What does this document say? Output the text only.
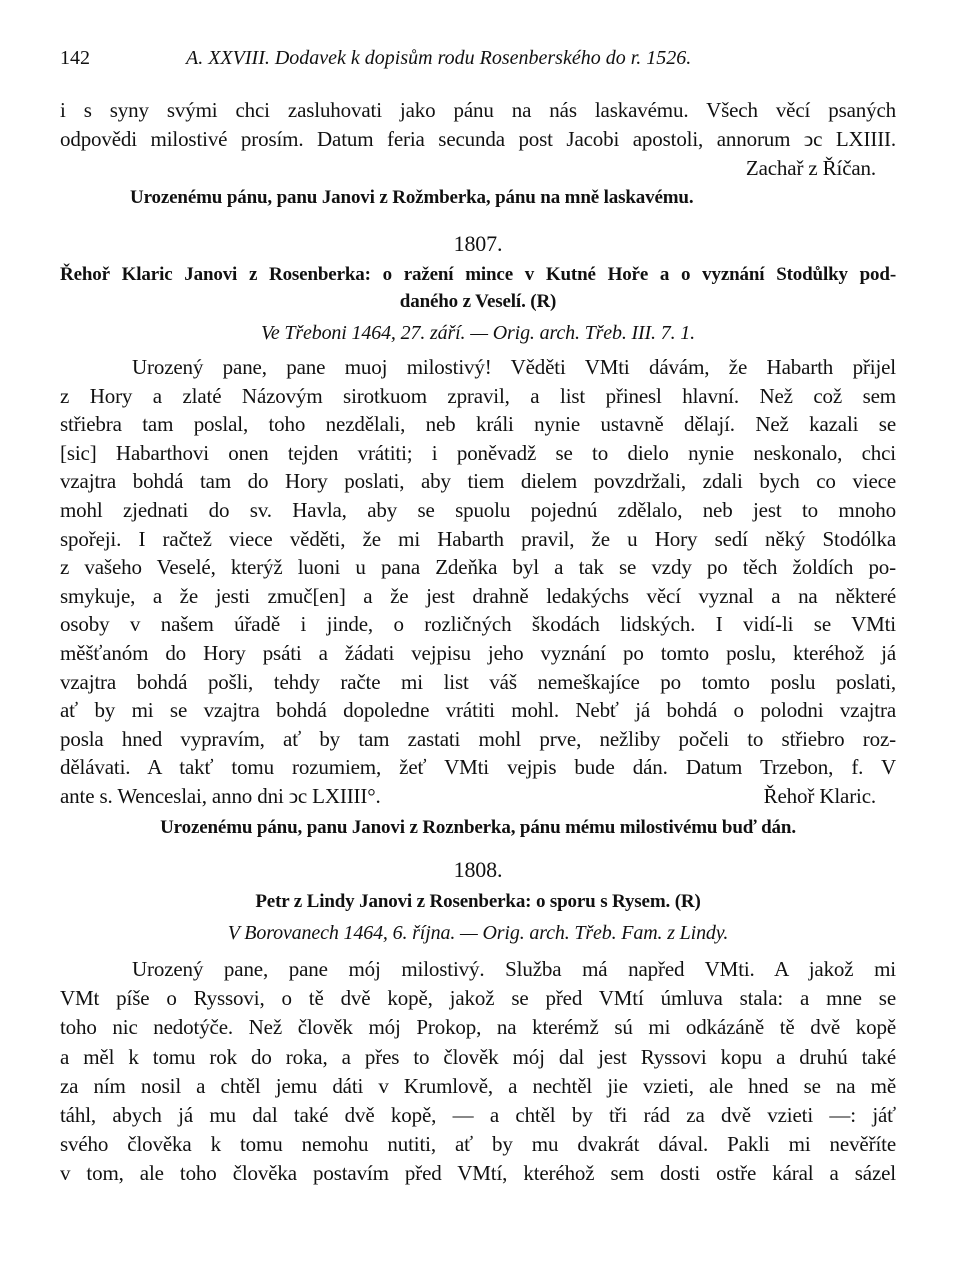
142	A. XXVIII. Dodavek k dopisům rodu Rosenberského do r. 1526.
i s syny svými chci zasluhovati jako pánu na nás laskavému. Všech věcí psaných
odpovědi milostivé prosím. Datum feria secunda post Jacobi apostoli, annorum ↄc LXIIII.
Zachař z Říčan.
Urozenému pánu, panu Janovi z Rožmberka, pánu na mně laskavému.
1807.
Řehoř Klaric Janovi z Rosenberka: o ražení mince v Kutné Hoře a o vyznání Stodůlky pod-
daného z Veselí. (R)
Ve Třeboni 1464, 27. září. — Orig. arch. Třeb. III. 7. 1.
Urozený pane, pane muoj milostivý! Věděti VMti dávám, že Habarth přijel
z Hory a zlaté Názovým sirotkuom zpravil, a list přinesl hlavní. Než což sem
střiebra tam poslal, toho nezdělali, neb králi nynie ustavně dělají. Než kazali se
[sic] Habarthovi onen tejden vrátiti; i poněvadž se to dielo nynie neskonalo, chci
vzajtra bohdá tam do Hory poslati, aby tiem dielem povzdržali, zdali bych co viece
mohl zjednati do sv. Havla, aby se spuolu pojednú zdělalo, neb jest to mnoho
spořeji. I račtež viece věděti, že mi Habarth pravil, že u Hory sedí něký Stodólka
z vašeho Veselé, kterýž luoni u pana Zdeňka byl a tak se vzdy po těch žoldích po-
smykuje, a že jesti zmuč[en] a že jest drahně ledakýchs věcí vyznal a na některé
osoby v našem úřadě i jinde, o rozličných škodách lidských. I vidí-li se VMti
měšťanóm do Hory psáti a žádati vejpisu jeho vyznání po tomto poslu, kteréhož já
vzajtra bohdá pošli, tehdy račte mi list váš nemeškajíce po tomto poslu poslati,
ať by mi se vzajtra bohdá dopoledne vrátiti mohl. Nebť já bohdá o polodni vzajtra
posla hned vypravím, ať by tam zastati mohl prve, nežliby počeli to střiebro roz-
dělávati. A takť tomu rozumiem, žeť VMti vejpis bude dán. Datum Trzebon, f. V
ante s. Wenceslai, anno dni ↄc LXIIII°.	Řehoř Klaric.
Urozenému pánu, panu Janovi z Roznberka, pánu mému milostivému buď dán.
1808.
Petr z Lindy Janovi z Rosenberka: o sporu s Rysem. (R)
V Borovanech 1464, 6. října. — Orig. arch. Třeb. Fam. z Lindy.
Urozený pane, pane mój milostivý. Služba má napřed VMti. A jakož mi
VMt píše o Ryssovi, o tě dvě kopě, jakož se před VMtí úmluva stala: a mne se
toho nic nedotýče. Než člověk mój Prokop, na kterémž sú mi odkázáně tě dvě kopě
a měl k tomu rok do roka, a přes to člověk mój dal jest Ryssovi kopu a druhú také
za ním nosil a chtěl jemu dáti v Krumlově, a nechtěl jie vzieti, ale hned se na mě
táhl, abych já mu dal také dvě kopě, — a chtěl by tři rád za dvě vzieti —: jáť
svého člověka k tomu nemohu nutiti, ať by mu dvakrát dával. Pakli mi nevěříte
v tom, ale toho člověka postavím před VMtí, kteréhož sem dosti ostře káral a sázel
